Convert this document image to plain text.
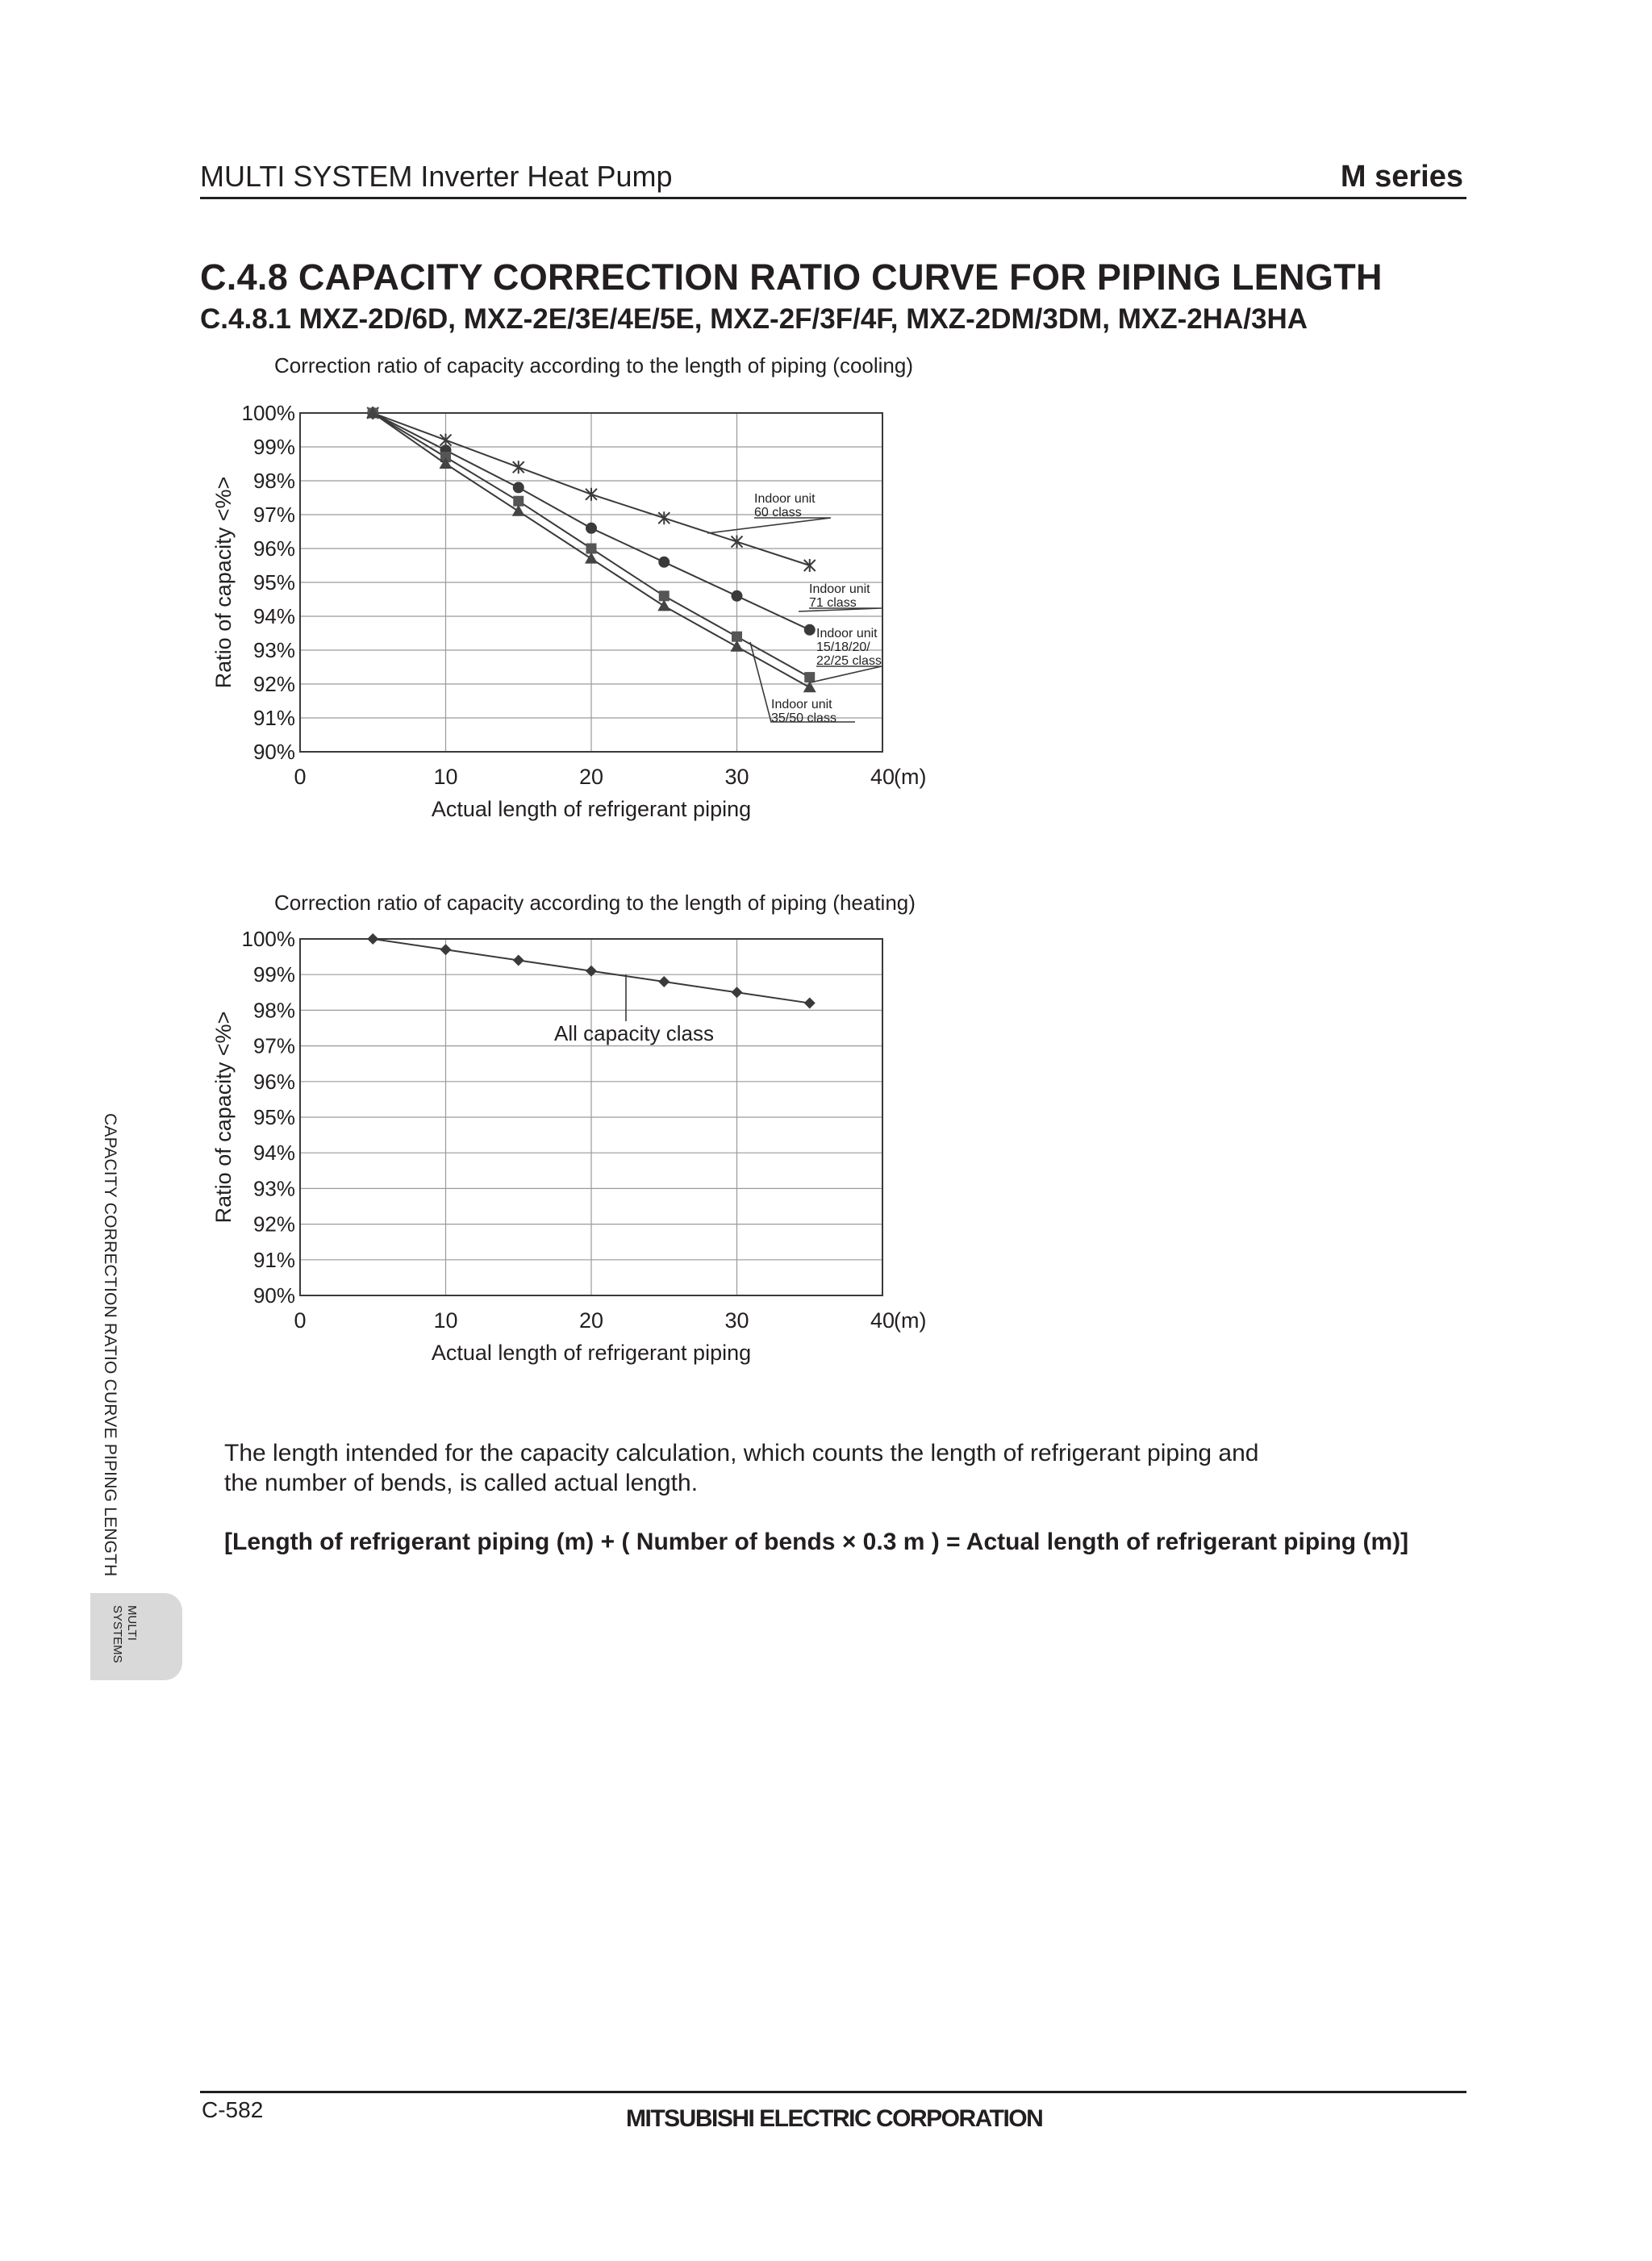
MULTI SYSTEM Inverter Heat Pump	M series
C.4.8 CAPACITY CORRECTION RATIO CURVE FOR PIPING LENGTH
C.4.8.1 MXZ-2D/6D, MXZ-2E/3E/4E/5E, MXZ-2F/3F/4F, MXZ-2DM/3DM, MXZ-2HA/3HA
Correction ratio of capacity according to the length of piping (cooling)
90%
91%
92%
93%
94%
95%
96%
97%
98%
99%
100%
0	10	20	30	40
(m)
Actual length of refrigerant piping
Ratio of capacity <%>	Indoor unit
60 class
Indoor unit
71 class
Indoor unit
15/18/20/
22/25 class
Indoor unit
35/50 class
Correction ratio of capacity according to the length of piping (heating)
90%
91%
92%
93%
94%
95%
96%
97%
98%
99%
100%
0	10	20	30	40
(m)
Actual length of refrigerant piping
Ratio of capacity <%>	All capacity class
The length intended for the capacity calculation, which counts the length of refrigerant piping and
the number of bends, is called actual length.
[Length of refrigerant piping (m) + ( Number of bends × 0.3 m ) = Actual length of refrigerant piping (m)]
CAPACITY CORRECTION RATIO CURVE PIPING LENGTH
MULTI
SYSTEMS
C-582	MITSUBISHI ELECTRIC CORPORATION
